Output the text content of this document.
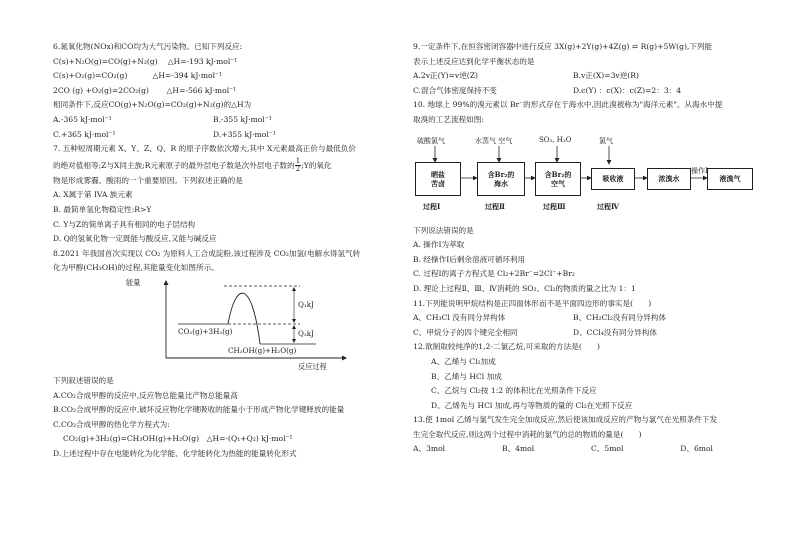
6.氮氧化物(NOx)和CO均为大气污染物。已知下列反应:
C(s)+N₂O(g)=CO(g)+N₂(g)　 △H=-193 kJ·mol⁻¹
C(s)+O₂(g)=CO₂(g)　　　 △H=-394 kJ·mol⁻¹
2CO (g) +O₂(g)=2CO₂(g)　　 △H=-566 kJ·mol⁻¹
相同条件下,反应CO(g)+N₂O(g)=CO₂(g)+N₂(g)的△H为
A.-365 kJ·mol⁻¹	B.-355 kJ·mol⁻¹
C.+365 kJ·mol⁻¹	D.+355 kJ·mol⁻¹
7. 五种短周期元素 X、Y、Z、Q、R 的原子序数依次增大,其中 X元素最高正价与最低负价
的绝对值相等;Z与X同主族;R元素原子的最外层电子数是次外层电子数的 $\frac{1}{2}$ ;Y的氧化
物是形成雾霾、酸雨的一个重要原因。下列叙述正确的是
A. X属于第 IVA 族元素
B. 最简单氢化物稳定性:R>Y
C. Y与Z的简单离子具有相同的电子层结构
D. Q的氢氧化物一定既能与酸反应,又能与碱反应
8.2021 年我国首次实现以 CO₂ 为原料人工合成淀粉,该过程涉及 CO₂加氢(电解水得氢气转
化为甲醇(CH₃OH)的过程,其能量变化如图所示。
能量
反应过程
Q₁kJ
Q₂kJ
CO₂(g)+3H₂(g)
CH₃OH(g)+H₂O(g)
下列叙述错误的是
A.CO₂合成甲醇的反应中,反应物总能量比产物总能量高
B.CO₂合成甲醇的反应中,破坏反应物化学键吸收的能量小于形成产物化学键释放的能量
C.CO₂合成甲醇的热化学方程式为:
CO₂(g)+3H₂(g)=CH₃OH(g)+H₂O(g)　△H=-(Q₁+Q₂) kJ·mol⁻¹
D.上述过程中存在电能转化为化学能、化学能转化为热能的能量转化形式
9.一定条件下,在恒容密闭容器中进行反应 3X(g)+2Y(g)+4Z(g) ⇌ R(g)+5W(g),下列能
表示上述反应达到化学平衡状态的是
A.2v正(Y)=v逆(Z)	B.v正(X)=3v逆(R)
C.混合气体密度保持不变	D.c(Y) ：c(X)：c(Z)=2：3：4
10. 地球上 99%的溴元素以 Br⁻的形式存在于海水中,因此溴被称为"海洋元素"。从海水中提
取溴的工艺流程如图:
硫酸氯气	水蒸气 空气	SO₂, H₂O	氯气
晒盐
苦卤
含Br₂的
海水
含Br₂的
空气	吸收液	浓溴水	液溴气
操作Ⅰ
过程Ⅰ	过程Ⅱ	过程Ⅲ	过程Ⅳ
下列说法错误的是
A. 操作Ⅰ为萃取
B. 经操作Ⅰ后剩余溶液可循环利用
C. 过程Ⅰ的离子方程式是 Cl₂+2Br⁻=2Cl⁻+Br₂
D. 理论上过程Ⅱ、Ⅲ、Ⅳ消耗的 SO₂、Cl₂的物质的量之比为 1：1
11.下列能说明甲烷结构是正四面体形而不是平面四边形的事实是(　　)
A、CH₃Cl 没有同分异构体	B、CH₂Cl₂没有同分异构体
C、甲烷分子的四个键完全相同	D、CCl₄没有同分异构体
12.欲制取较纯净的1,2-二氯乙烷,可采取的方法是(　　)
A、乙烯与 Cl₂加成
B、乙烯与 HCl 加成
C、乙烷与 Cl₂按 1:2 的体积比在光照条件下反应
D、乙烯先与 HCl 加成,再与等物质的量的 Cl₂在光照下反应
13.使 1mol 乙烯与氯气发生完全加成反应,然后使该加成反应的产物与氯气在光照条件下发
生完全取代反应,则这两个过程中消耗的氯气的总的物质的量是(　　)
A、3mol	B、4mol	C、5mol	D、6mol
